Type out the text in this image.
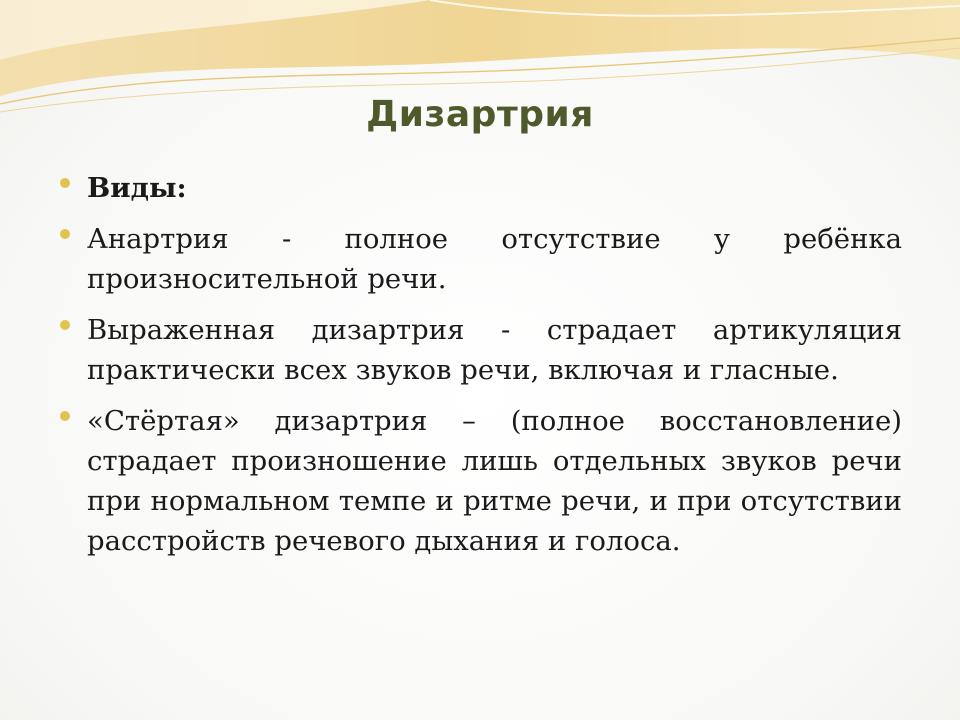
Дизартрия
Виды:
Анартрия - полное отсутствие у ребёнка произносительной речи.
Выраженная дизартрия - страдает артикуляция практически всех звуков речи, включая и гласные.
«Стёртая» дизартрия – (полное восстановление) страдает произношение лишь отдельных звуков речи при нормальном темпе и ритме речи, и при отсутствии расстройств речевого дыхания и голоса.
